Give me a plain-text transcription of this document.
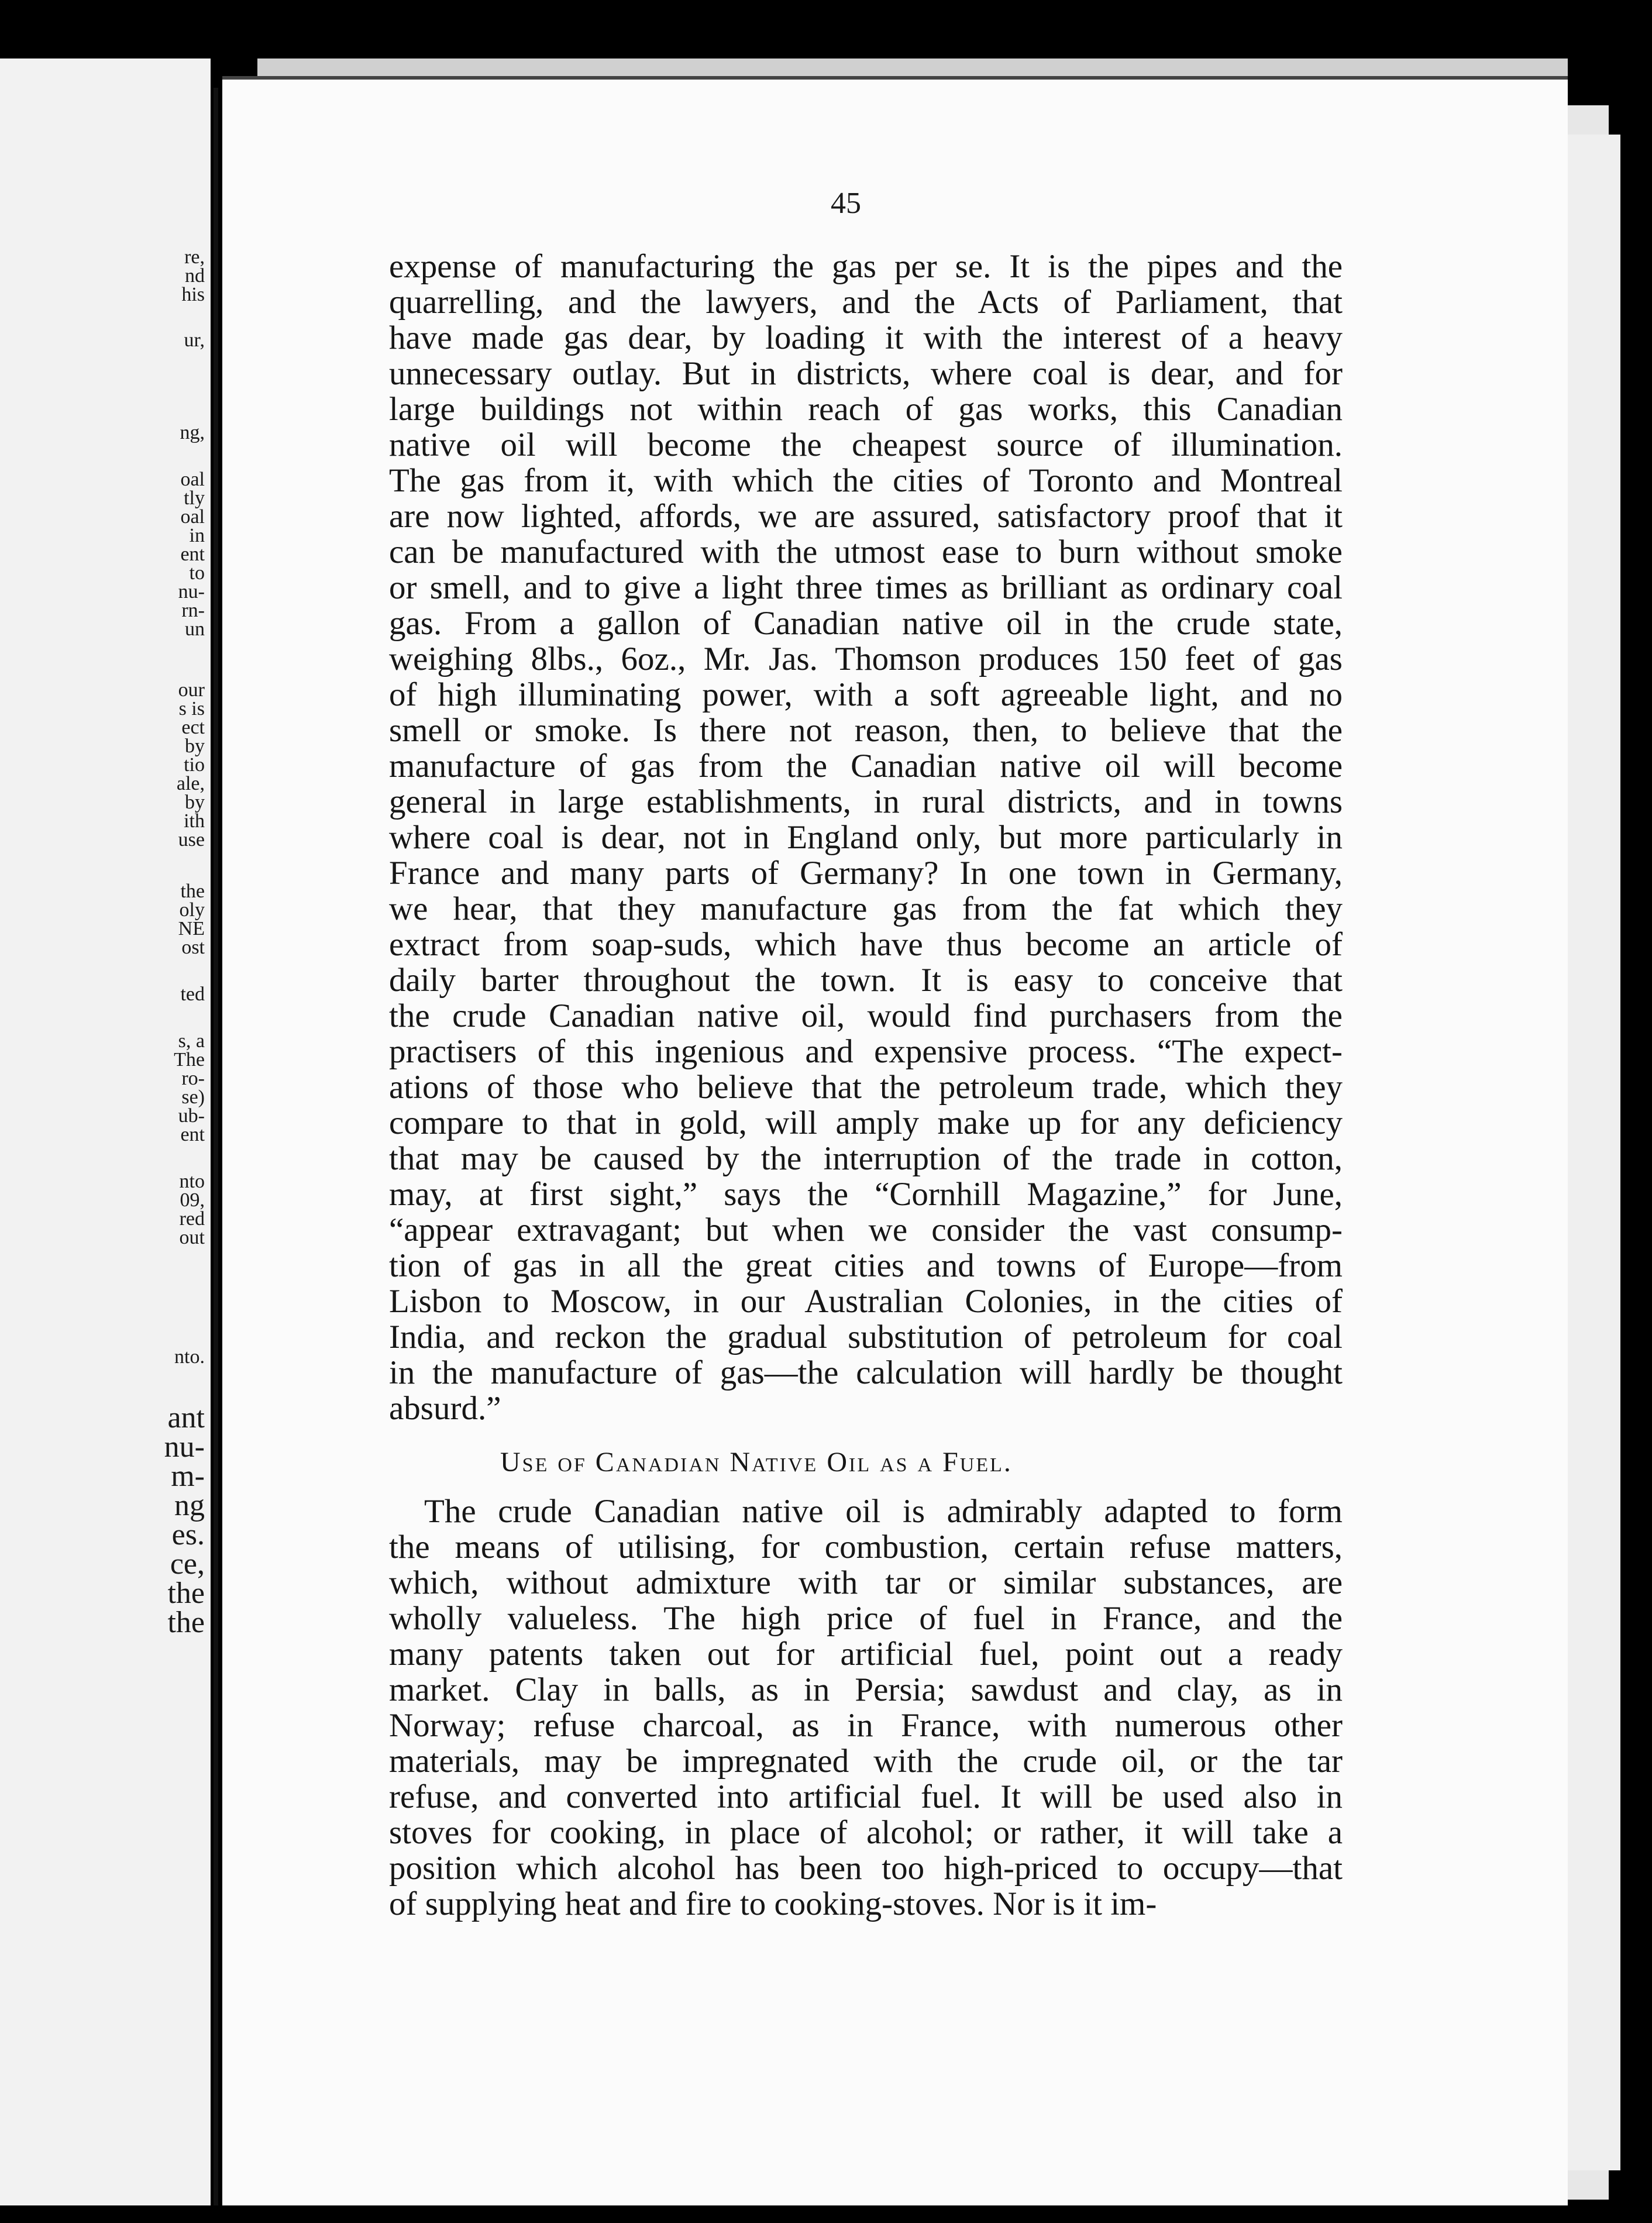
re,
nd
his
ur,
ng,
oal
tly
oal
in
ent
to
nu-
rn-
un
our
s is
ect
by
tio
ale,
by
ith
use
the
oly
NE
ost
ted
s, a
The
ro-
se)
ub-
ent
nto
09,
red
out
nto.
ant
nu-
m-
ng
es.
ce,
the
the
45
expense of manufacturing the gas per se. It is the pipes and the
quarrelling, and the lawyers, and the Acts of Parliament, that
have made gas dear, by loading it with the interest of a heavy
unnecessary outlay. But in districts, where coal is dear, and for
large buildings not within reach of gas works, this Canadian
native oil will become the cheapest source of illumination.
The gas from it, with which the cities of Toronto and Montreal
are now lighted, affords, we are assured, satisfactory proof that it
can be manufactured with the utmost ease to burn without smoke
or smell, and to give a light three times as brilliant as ordinary coal
gas. From a gallon of Canadian native oil in the crude state,
weighing 8lbs., 6oz., Mr. Jas. Thomson produces 150 feet of gas
of high illuminating power, with a soft agreeable light, and no
smell or smoke. Is there not reason, then, to believe that the
manufacture of gas from the Canadian native oil will become
general in large establishments, in rural districts, and in towns
where coal is dear, not in England only, but more particularly in
France and many parts of Germany? In one town in Germany,
we hear, that they manufacture gas from the fat which they
extract from soap-suds, which have thus become an article of
daily barter throughout the town. It is easy to conceive that
the crude Canadian native oil, would find purchasers from the
practisers of this ingenious and expensive process. “The expect-
ations of those who believe that the petroleum trade, which they
compare to that in gold, will amply make up for any deficiency
that may be caused by the interruption of the trade in cotton,
may, at first sight,” says the “Cornhill Magazine,” for June,
“appear extravagant; but when we consider the vast consump-
tion of gas in all the great cities and towns of Europe—from
Lisbon to Moscow, in our Australian Colonies, in the cities of
India, and reckon the gradual substitution of petroleum for coal
in the manufacture of gas—the calculation will hardly be thought
absurd.”
Use of Canadian Native Oil as a Fuel.
The crude Canadian native oil is admirably adapted to form
the means of utilising, for combustion, certain refuse matters,
which, without admixture with tar or similar substances, are
wholly valueless. The high price of fuel in France, and the
many patents taken out for artificial fuel, point out a ready
market. Clay in balls, as in Persia; sawdust and clay, as in
Norway; refuse charcoal, as in France, with numerous other
materials, may be impregnated with the crude oil, or the tar
refuse, and converted into artificial fuel. It will be used also in
stoves for cooking, in place of alcohol; or rather, it will take a
position which alcohol has been too high-priced to occupy—that
of supplying heat and fire to cooking-stoves. Nor is it im-
